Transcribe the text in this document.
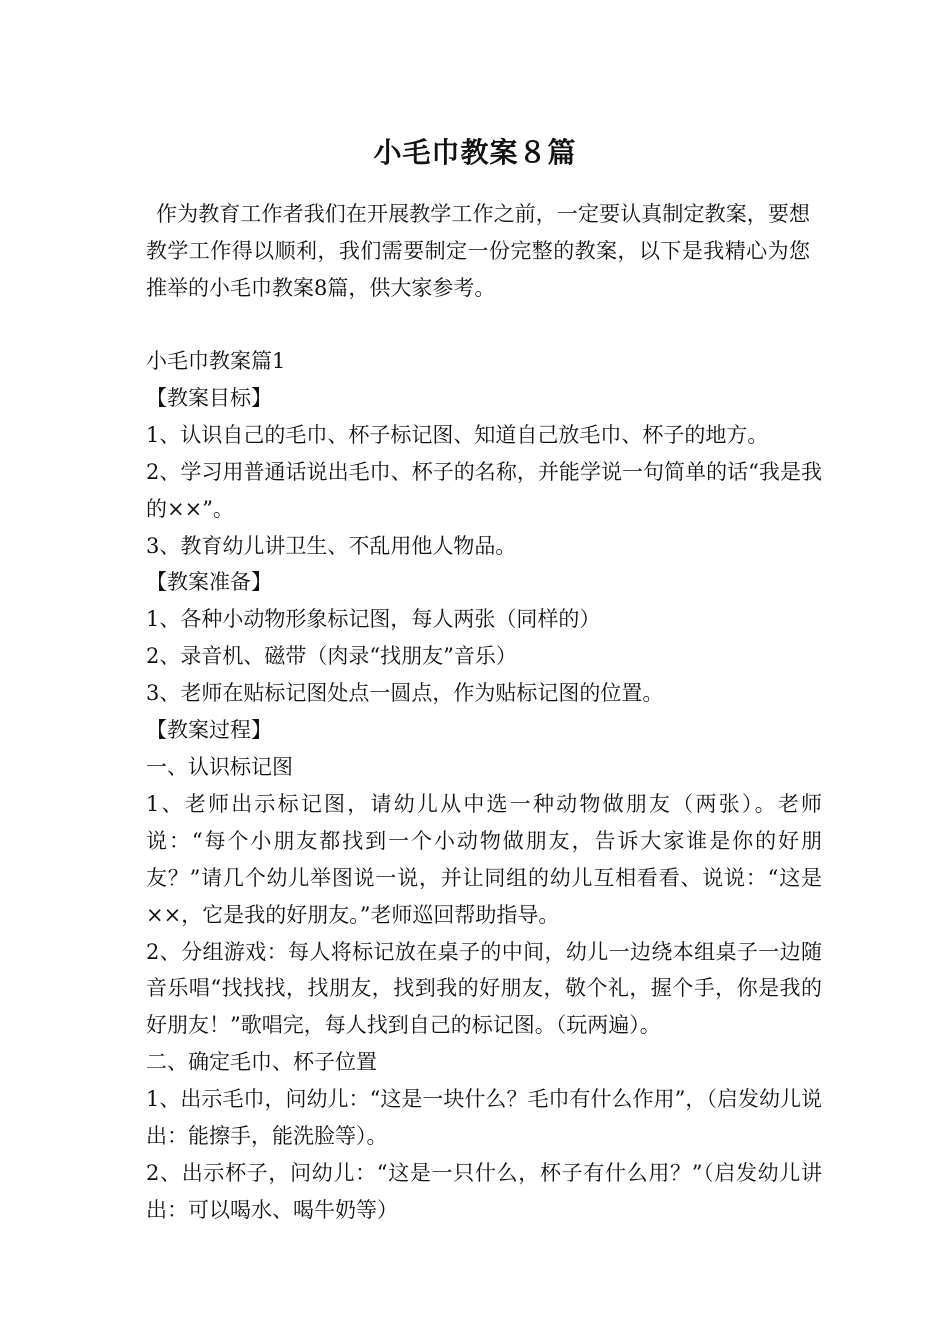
小毛巾教案８篇

作为教育工作者我们在开展教学工作之前，一定要认真制定教案，要想教学工作得以顺利，我们需要制定一份完整的教案，以下是我精心为您推举的小毛巾教案8篇，供大家参考。

小毛巾教案篇1

【教案目标】

1、认识自己的毛巾、杯子标记图、知道自己放毛巾、杯子的地方。

2、学习用普通话说出毛巾、杯子的名称，并能学说一句简单的话“我是我的××”。

3、教育幼儿讲卫生、不乱用他人物品。

【教案准备】

1、各种小动物形象标记图，每人两张（同样的）

2、录音机、磁带（肉录“找朋友”音乐）

3、老师在贴标记图处点一圆点，作为贴标记图的位置。

【教案过程】

一、认识标记图

1、老师出示标记图，请幼儿从中选一种动物做朋友（两张）。老师说：“每个小朋友都找到一个小动物做朋友，告诉大家谁是你的好朋友？”请几个幼儿举图说一说，并让同组的幼儿互相看看、说说：“这是××，它是我的好朋友。”老师巡回帮助指导。

2、分组游戏：每人将标记放在桌子的中间，幼儿一边绕本组桌子一边随音乐唱“找找找，找朋友，找到我的好朋友，敬个礼，握个手，你是我的好朋友！”歌唱完，每人找到自己的标记图。（玩两遍）。

二、确定毛巾、杯子位置

1、出示毛巾，问幼儿：“这是一块什么？毛巾有什么作用”，（启发幼儿说出：能擦手，能洗脸等）。

2、出示杯子，问幼儿：“这是一只什么，杯子有什么用？”（启发幼儿讲出：可以喝水、喝牛奶等）
